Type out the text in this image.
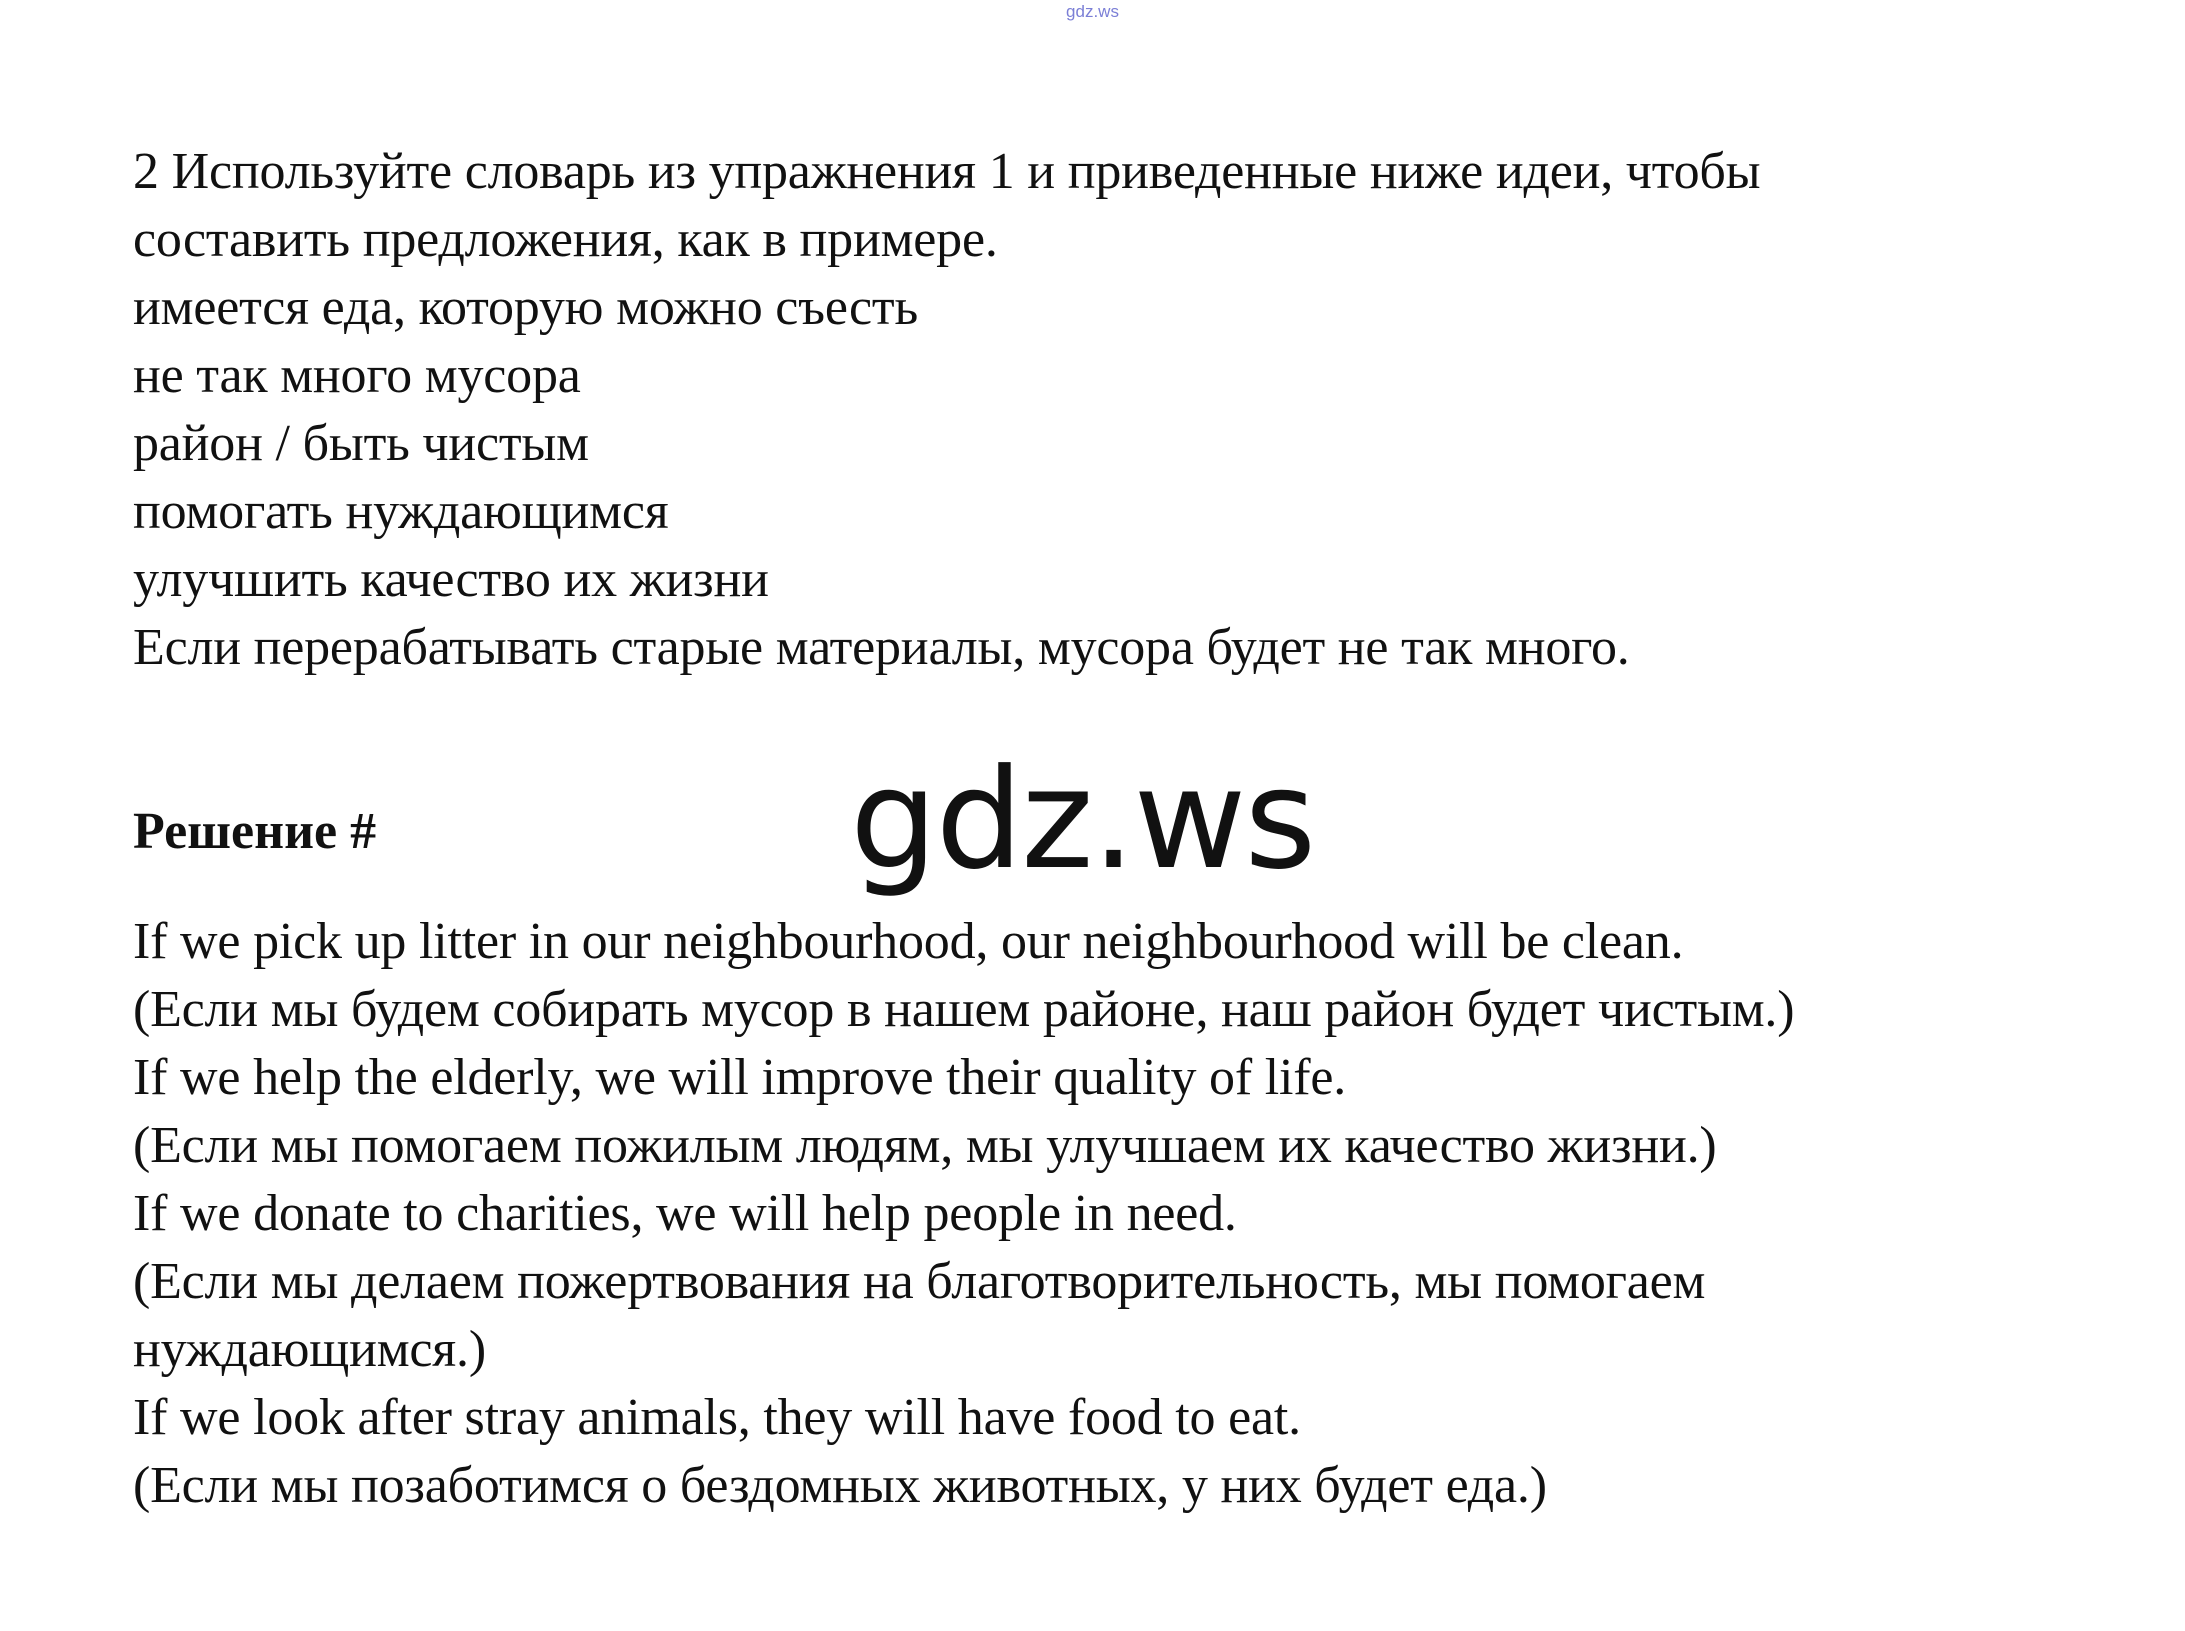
gdz.ws
2 Используйте словарь из упражнения 1 и приведенные ниже идеи, чтобы
составить предложения, как в примере.
имеется еда, которую можно съесть
не так много мусора
район / быть чистым
помогать нуждающимся
улучшить качество их жизни
Если перерабатывать старые материалы, мусора будет не так много.
Решение #	gdz.ws
If we pick up litter in our neighbourhood, our neighbourhood will be clean.
(Если мы будем собирать мусор в нашем районе, наш район будет чистым.)
If we help the elderly, we will improve their quality of life.
(Если мы помогаем пожилым людям, мы улучшаем их качество жизни.)
If we donate to charities, we will help people in need.
(Если мы делаем пожертвования на благотворительность, мы помогаем
нуждающимся.)
If we look after stray animals, they will have food to eat.
(Если мы позаботимся о бездомных животных, у них будет еда.)
